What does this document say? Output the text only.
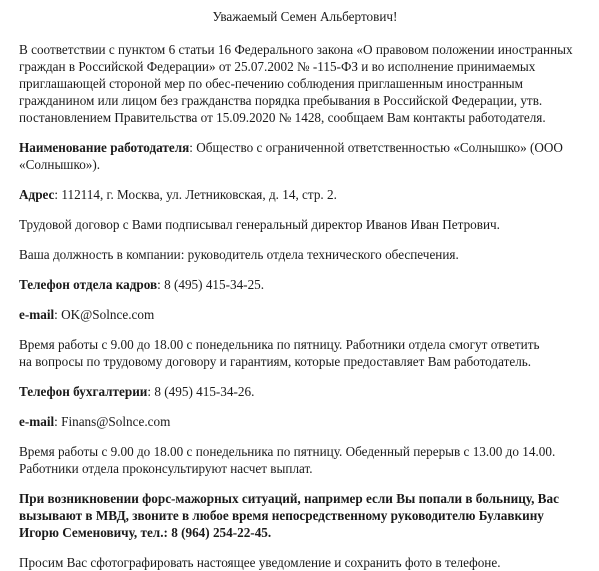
Уважаемый Семен Альбертович!
В соответствии с пунктом 6 статьи 16 Федерального закона «О правовом положении иностранных
граждан в Российской Федерации» от 25.07.2002 № -115-ФЗ и во исполнение принимаемых
приглашающей стороной мер по обес-печению соблюдения приглашенным иностранным
гражданином или лицом без гражданства порядка пребывания в Российской Федерации, утв.
постановлением Правительства от 15.09.2020 № 1428, сообщаем Вам контакты работодателя.
Наименование работодателя: Общество с ограниченной ответственностью «Солнышко» (ООО
«Солнышко»).
Адрес: 112114, г. Москва, ул. Летниковская, д. 14, стр. 2.
Трудовой договор с Вами подписывал генеральный директор Иванов Иван Петрович.
Ваша должность в компании: руководитель отдела технического обеспечения.
Телефон отдела кадров: 8 (495) 415-34-25.
e-mail: OK@Solnce.com
Время работы с 9.00 до 18.00 с понедельника по пятницу. Работники отдела смогут ответить
на вопросы по трудовому договору и гарантиям, которые предоставляет Вам работодатель.
Телефон бухгалтерии: 8 (495) 415-34-26.
e-mail: Finans@Solnce.com
Время работы с 9.00 до 18.00 с понедельника по пятницу. Обеденный перерыв с 13.00 до 14.00.
Работники отдела проконсультируют насчет выплат.
При возникновении форс-мажорных ситуаций, например если Вы попали в больницу, Вас
вызывают в МВД, звоните в любое время непосредственному руководителю Булавкину
Игорю Семеновичу, тел.: 8 (964) 254-22-45.
Просим Вас сфотографировать настоящее уведомление и сохранить фото в телефоне.
